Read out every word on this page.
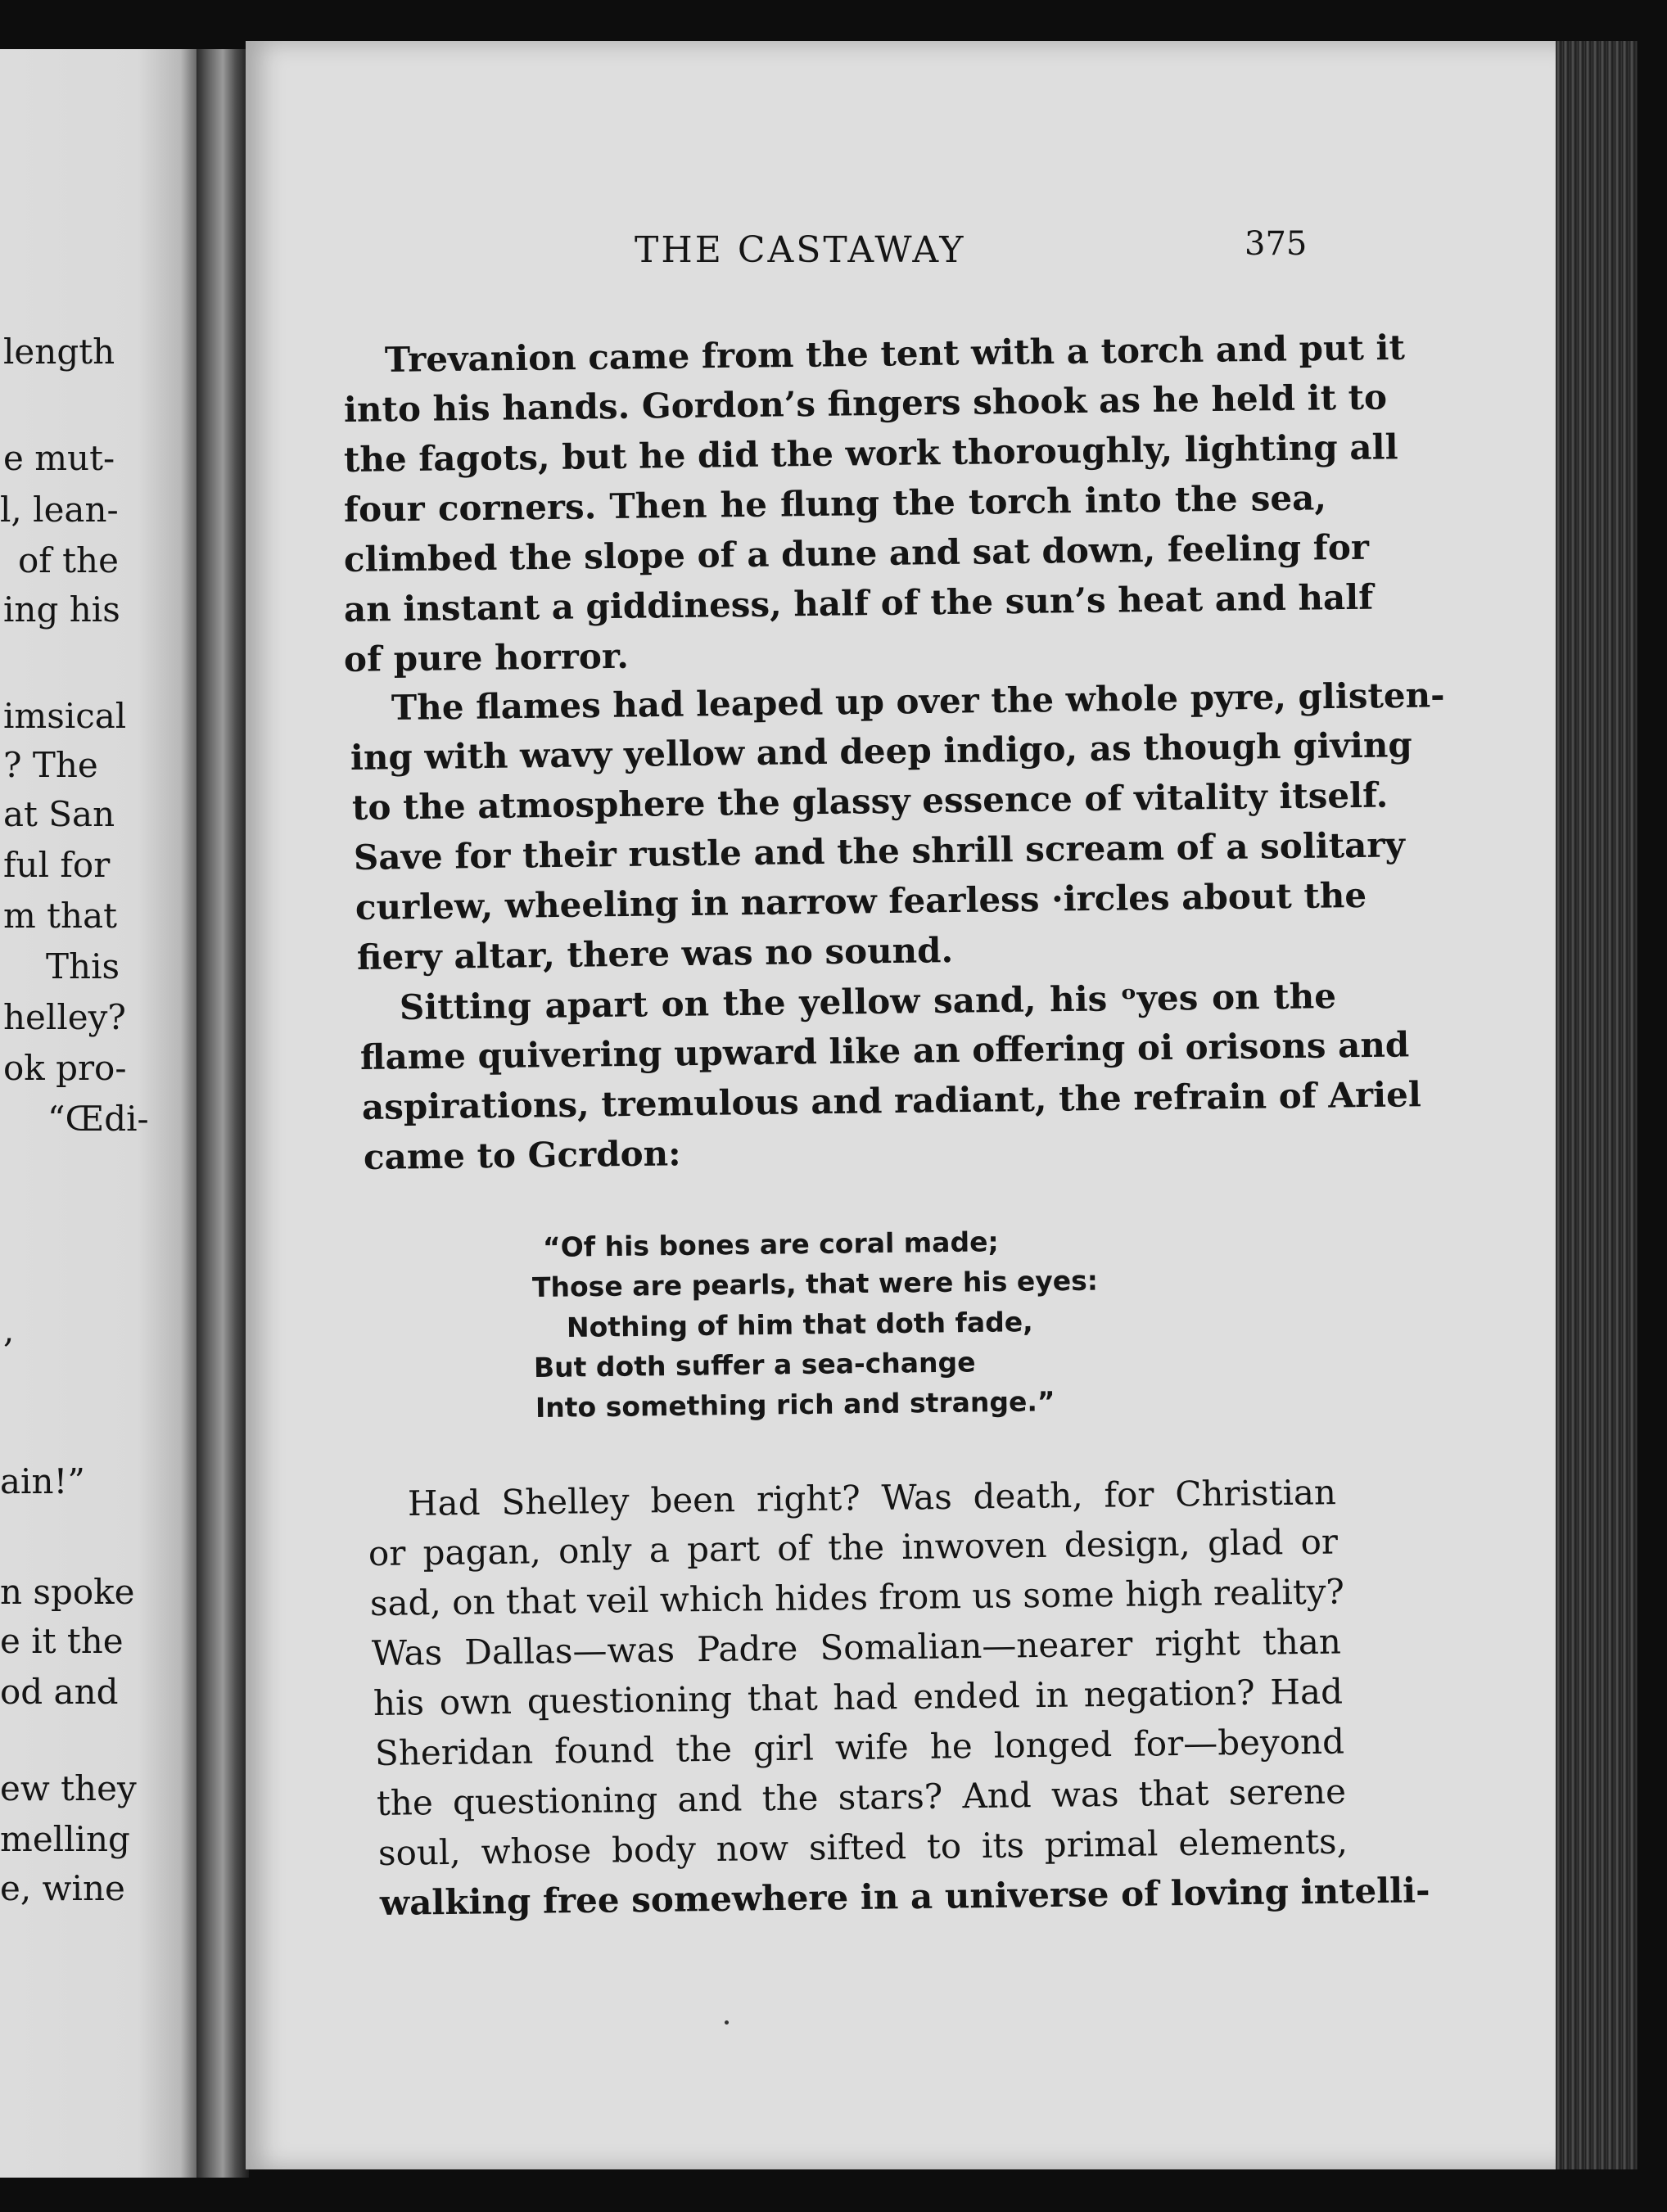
length
e mut-
l, lean-
of the
ing his
imsical
? The
at San
ful for
m that
This
helley?
ok pro-
“Œdi-
,
ain!”
n spoke
e it the
od and
ew they
melling
e, wine
THE CASTAWAY	375
Trevanion came from the tent with a torch and put it
into his hands. Gordon’s fingers shook as he held it to
the fagots, but he did the work thoroughly, lighting all
four corners. Then he flung the torch into the sea,
climbed the slope of a dune and sat down, feeling for
an instant a giddiness, half of the sun’s heat and half
of pure horror.
The flames had leaped up over the whole pyre, glisten-
ing with wavy yellow and deep indigo, as though giving
to the atmosphere the glassy essence of vitality itself.
Save for their rustle and the shrill scream of a solitary
curlew, wheeling in narrow fearless ·ircles about the
fiery altar, there was no sound.
Sitting apart on the yellow sand, his ᵒyes on the
flame quivering upward like an offering oi orisons and
aspirations, tremulous and radiant, the refrain of Ariel
came to Gcrdon:
“Of his bones are coral made;
Those are pearls, that were his eyes:
Nothing of him that doth fade,
But doth suffer a sea-change
Into something rich and strange.”
Had Shelley been right? Was death, for Christian
or pagan, only a part of the inwoven design, glad or
sad, on that veil which hides from us some high reality?
Was Dallas—was Padre Somalian—nearer right than
his own questioning that had ended in negation? Had
Sheridan found the girl wife he longed for—beyond
the questioning and the stars? And was that serene
soul, whose body now sifted to its primal elements,
walking free somewhere in a universe of loving intelli-
